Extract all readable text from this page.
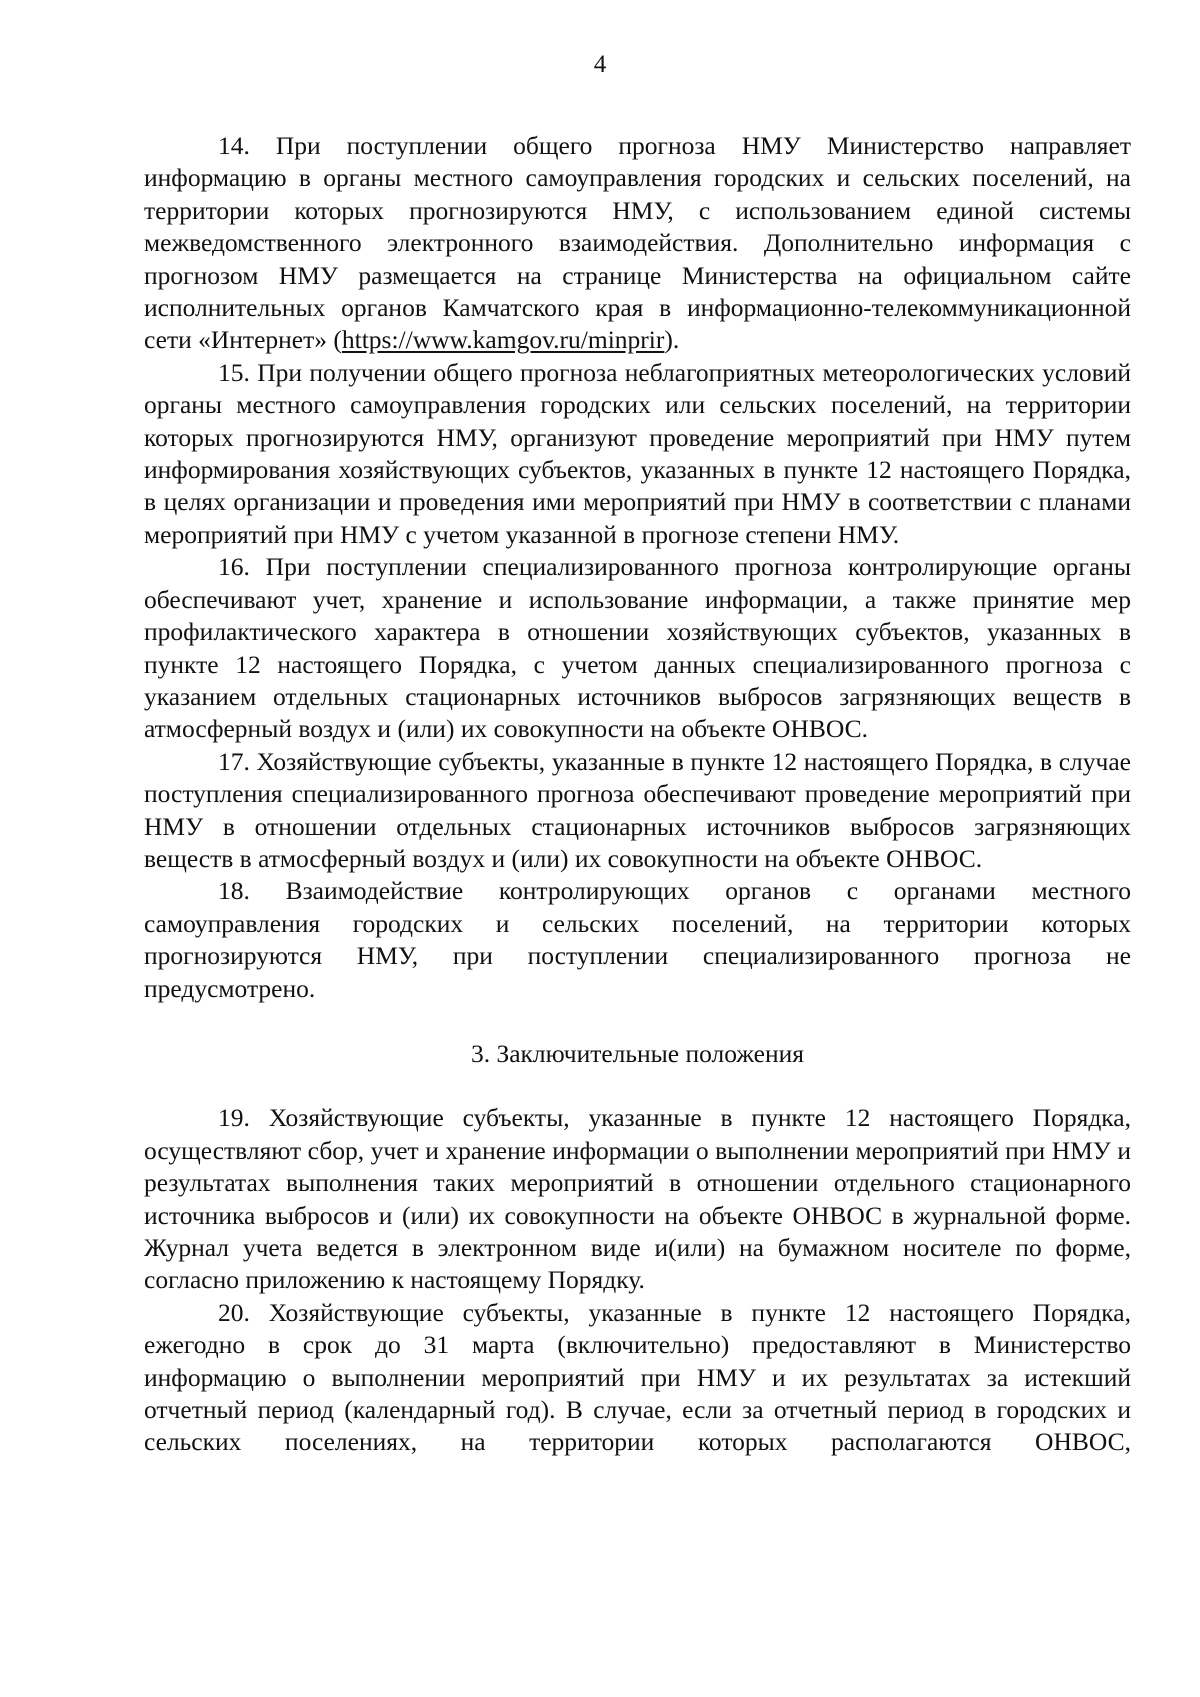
4

14. При поступлении общего прогноза НМУ Министерство направляет информацию в органы местного самоуправления городских и сельских поселений, на территории которых прогнозируются НМУ, с использованием единой системы межведомственного электронного взаимодействия. Дополнительно информация с прогнозом НМУ размещается на странице Министерства на официальном сайте исполнительных органов Камчатского края в информационно-телекоммуникационной сети «Интернет» (https://www.kamgov.ru/minprir).

15. При получении общего прогноза неблагоприятных метеорологических условий органы местного самоуправления городских или сельских поселений, на территории которых прогнозируются НМУ, организуют проведение мероприятий при НМУ путем информирования хозяйствующих субъектов, указанных в пункте 12 настоящего Порядка, в целях организации и проведения ими мероприятий при НМУ в соответствии с планами мероприятий при НМУ с учетом указанной в прогнозе степени НМУ.

16. При поступлении специализированного прогноза контролирующие органы обеспечивают учет, хранение и использование информации, а также принятие мер профилактического характера в отношении хозяйствующих субъектов, указанных в пункте 12 настоящего Порядка, с учетом данных специализированного прогноза с указанием отдельных стационарных источников выбросов загрязняющих веществ в атмосферный воздух и (или) их совокупности на объекте ОНВОС.

17. Хозяйствующие субъекты, указанные в пункте 12 настоящего Порядка, в случае поступления специализированного прогноза обеспечивают проведение мероприятий при НМУ в отношении отдельных стационарных источников выбросов загрязняющих веществ в атмосферный воздух и (или) их совокупности на объекте ОНВОС.

18. Взаимодействие контролирующих органов с органами местного самоуправления городских и сельских поселений, на территории которых прогнозируются НМУ, при поступлении специализированного прогноза не предусмотрено.

3. Заключительные положения

19. Хозяйствующие субъекты, указанные в пункте 12 настоящего Порядка, осуществляют сбор, учет и хранение информации о выполнении мероприятий при НМУ и результатах выполнения таких мероприятий в отношении отдельного стационарного источника выбросов и (или) их совокупности на объекте ОНВОС в журнальной форме. Журнал учета ведется в электронном виде и(или) на бумажном носителе по форме, согласно приложению к настоящему Порядку.

20. Хозяйствующие субъекты, указанные в пункте 12 настоящего Порядка, ежегодно в срок до 31 марта (включительно) предоставляют в Министерство информацию о выполнении мероприятий при НМУ и их результатах за истекший отчетный период (календарный год). В случае, если за отчетный период в городских и сельских поселениях, на территории которых располагаются ОНВОС,
